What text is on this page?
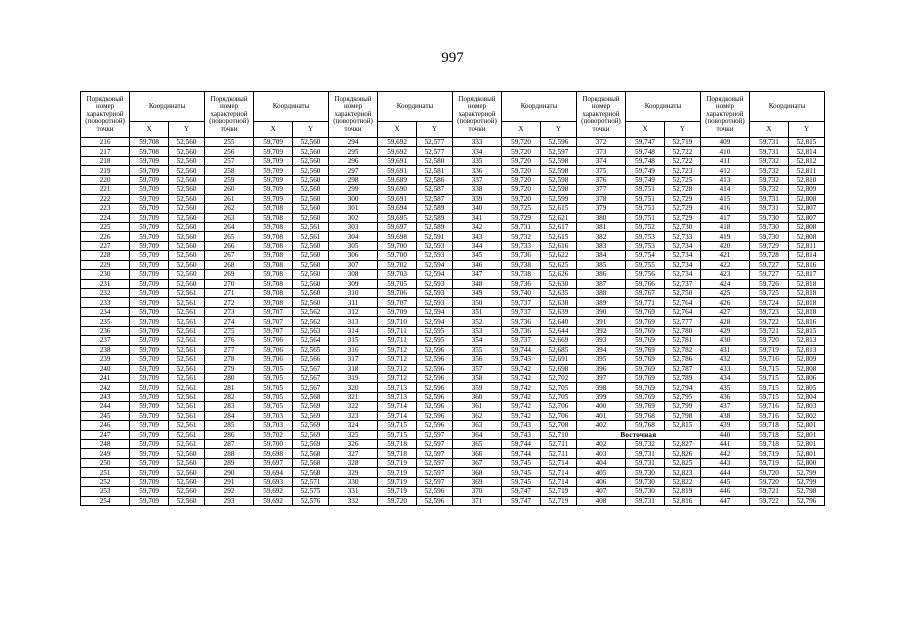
997
Порядковый номер характерной (поворотной) точки	Координаты		Порядковый номер характерной (поворотной) точки	Координаты		Порядковый номер характерной (поворотной) точки	Координаты		Порядковый номер характерной (поворотной) точки	Координаты		Порядковый номер характерной (поворотной) точки	Координаты		Порядковый номер характерной (поворотной) точки	Координаты	
	X	Y		X	Y		X	Y		X	Y		X	Y		X	Y
216	59,708	52,560	255	59,709	52,560	294	59,692	52,577	333	59,720	52,596	372	59,747	52,719	409	59,731	52,815
217	59,708	52,560	256	59,709	52,560	295	59,692	52,577	334	59,720	52,597	373	59,748	52,722	410	59,731	52,814
218	59,709	52,560	257	59,709	52,560	296	59,691	52,580	335	59,720	52,598	374	59,748	52,722	411	59,732	52,812
219	59,709	52,560	258	59,709	52,560	297	59,691	52,581	336	59,720	52,598	375	59,749	52,723	412	59,732	52,811
220	59,709	52,560	259	59,709	52,560	298	59,689	52,586	337	59,720	52,598	376	59,749	52,725	413	59,732	52,810
221	59,709	52,560	260	59,709	52,560	299	59,690	52,587	338	59,720	52,598	377	59,751	52,728	414	59,732	52,809
222	59,709	52,560	261	59,709	52,560	300	59,691	52,587	339	59,720	52,599	378	59,751	52,729	415	59,731	52,808
223	59,709	52,560	262	59,708	52,560	301	59,694	52,589	340	59,725	52,615	379	59,751	52,729	416	59,731	52,807
224	59,709	52,560	263	59,708	52,560	302	59,695	52,589	341	59,729	52,621	380	59,751	52,729	417	59,730	52,807
225	59,709	52,560	264	59,708	52,561	303	59,697	52,589	342	59,731	52,617	381	59,752	52,730	418	59,730	52,808
226	59,709	52,560	265	59,708	52,561	304	59,698	52,591	343	59,732	52,615	382	59,753	52,733	419	59,730	52,808
227	59,709	52,560	266	59,708	52,560	305	59,700	52,593	344	59,733	52,616	383	59,753	52,734	420	59,729	52,811
228	59,709	52,560	267	59,708	52,560	306	59,700	52,593	345	59,736	52,622	384	59,754	52,734	421	59,728	52,814
229	59,709	52,560	268	59,708	52,560	307	59,702	52,594	346	59,738	52,625	385	59,755	52,734	422	59,727	52,816
230	59,709	52,560	269	59,708	52,560	308	59,703	52,594	347	59,738	52,626	386	59,756	52,734	423	59,727	52,817
231	59,709	52,560	270	59,708	52,560	309	59,705	52,593	348	59,736	52,630	387	59,766	52,737	424	59,726	52,818
232	59,709	52,561	271	59,708	52,560	310	59,706	52,593	349	59,740	52,635	388	59,767	52,750	425	59,725	52,818
233	59,709	52,561	272	59,708	52,560	311	59,707	52,593	350	59,737	52,638	389	59,771	52,764	426	59,724	52,818
234	59,709	52,561	273	59,707	52,562	312	59,709	52,594	351	59,737	52,639	390	59,769	52,764	427	59,723	52,818
235	59,709	52,561	274	59,707	52,562	313	59,710	52,594	352	59,736	52,640	391	59,769	52,777	428	59,722	52,816
236	59,709	52,561	275	59,707	52,563	314	59,711	52,595	353	59,736	52,644	392	59,769	52,780	429	59,721	52,815
237	59,709	52,561	276	59,706	52,564	315	59,711	52,595	354	59,737	52,669	393	59,769	52,781	430	59,720	52,813
238	59,709	52,561	277	59,706	52,565	316	59,712	52,596	355	59,744	52,685	394	59,769	52,782	431	59,719	52,813
239	59,709	52,561	278	59,706	52,566	317	59,712	52,596	356	59,743	52,691	395	59,769	52,786	432	59,716	52,809
240	59,709	52,561	279	59,705	52,567	318	59,712	52,596	357	59,742	52,698	396	59,769	52,787	433	59,715	52,808
241	59,709	52,561	280	59,705	52,567	319	59,712	52,596	358	59,742	52,702	397	59,769	52,789	434	59,715	52,806
242	59,709	52,561	281	59,705	52,567	320	59,713	52,596	359	59,742	52,705	398	59,769	52,794	435	59,715	52,805
243	59,709	52,561	282	59,705	52,568	321	59,713	52,596	360	59,742	52,705	399	59,769	52,795	436	59,715	52,804
244	59,709	52,561	283	59,705	52,569	322	59,714	52,596	361	59,742	52,706	400	59,769	52,799	437	59,716	52,803
245	59,709	52,561	284	59,703	52,569	323	59,714	52,596	362	59,742	52,706	401	59,768	52,798	438	59,716	52,802
246	59,709	52,561	285	59,703	52,569	324	59,715	52,596	363	59,743	52,708	402	59,768	52,815	439	59,718	52,801
247	59,709	52,561	286	59,702	52,569	325	59,715	52,597	364	59,743	52,710	Восточная			440	59,718	52,801
248	59,709	52,561	287	59,700	52,569	326	59,718	52,597	365	59,744	52,711	402	59,732	52,827	441	59,718	52,801
249	59,709	52,560	288	59,698	52,568	327	59,718	52,597	366	59,744	52,711	403	59,731	52,826	442	59,719	52,801
250	59,709	52,560	289	59,697	52,568	328	59,719	52,597	367	59,745	52,714	404	59,731	52,825	443	59,719	52,800
251	59,709	52,560	290	59,694	52,568	329	59,719	52,597	368	59,745	52,714	405	59,730	52,823	444	59,720	52,799
252	59,709	52,560	291	59,693	52,571	330	59,719	52,597	369	59,745	52,714	406	59,730	52,822	445	59,720	52,799
253	59,709	52,560	292	59,692	52,575	331	59,719	52,596	370	59,747	52,719	407	59,730	52,819	446	59,721	52,798
254	59,709	52,560	293	59,692	52,576	332	59,720	52,596	371	59,747	52,719	408	59,731	52,816	447	59,722	52,796
